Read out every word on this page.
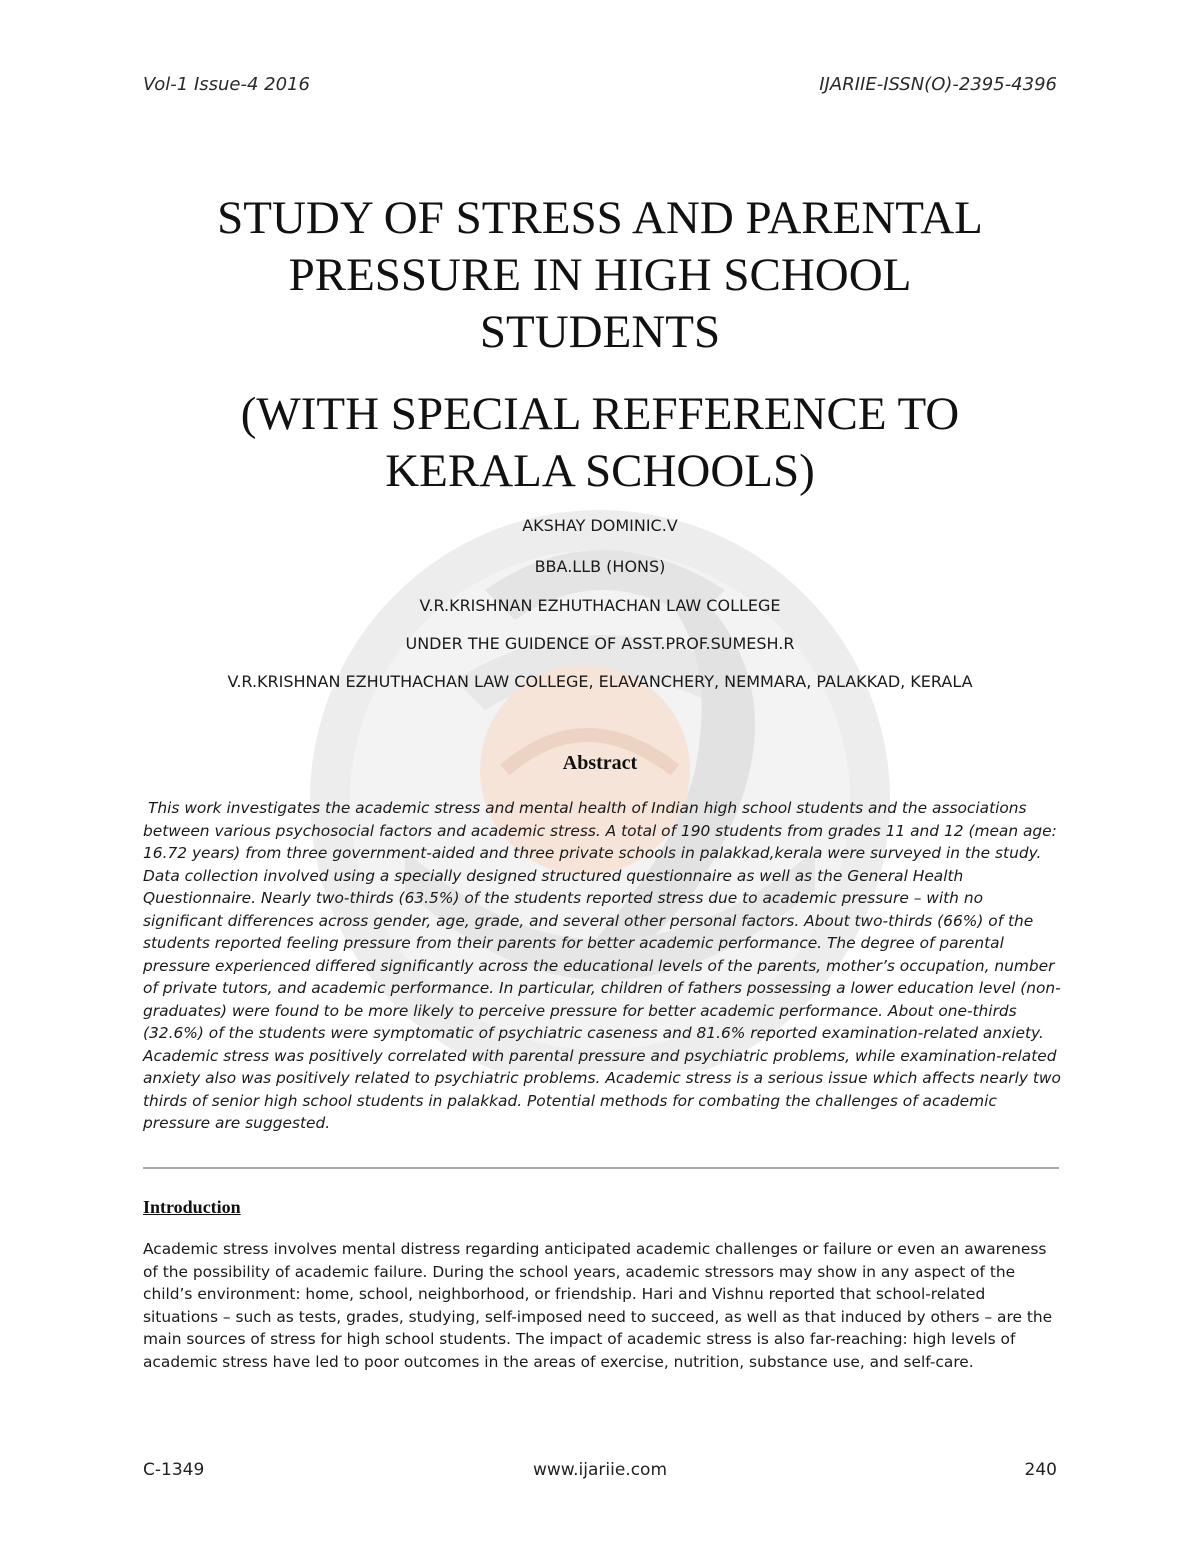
Vol-1 Issue-4 2016	IJARIIE-ISSN(O)-2395-4396
STUDY OF STRESS AND PARENTAL
PRESSURE IN HIGH SCHOOL
STUDENTS
(WITH SPECIAL REFFERENCE TO
KERALA SCHOOLS)
AKSHAY DOMINIC.V
BBA.LLB (HONS)
V.R.KRISHNAN EZHUTHACHAN LAW COLLEGE
UNDER THE GUIDENCE OF ASST.PROF.SUMESH.R
V.R.KRISHNAN EZHUTHACHAN LAW COLLEGE, ELAVANCHERY, NEMMARA, PALAKKAD, KERALA
Abstract
This work investigates the academic stress and mental health of Indian high school students and the associations between various psychosocial factors and academic stress. A total of 190 students from grades 11 and 12 (mean age: 16.72 years) from three government-aided and three private schools in palakkad,kerala were surveyed in the study. Data collection involved using a specially designed structured questionnaire as well as the General Health Questionnaire. Nearly two-thirds (63.5%) of the students reported stress due to academic pressure – with no significant differences across gender, age, grade, and several other personal factors. About two-thirds (66%) of the students reported feeling pressure from their parents for better academic performance. The degree of parental pressure experienced differed significantly across the educational levels of the parents, mother’s occupation, number of private tutors, and academic performance. In particular, children of fathers possessing a lower education level (non-graduates) were found to be more likely to perceive pressure for better academic performance. About one-thirds (32.6%) of the students were symptomatic of psychiatric caseness and 81.6% reported examination-related anxiety. Academic stress was positively correlated with parental pressure and psychiatric problems, while examination-related anxiety also was positively related to psychiatric problems. Academic stress is a serious issue which affects nearly two thirds of senior high school students in palakkad. Potential methods for combating the challenges of academic pressure are suggested.
Introduction
Academic stress involves mental distress regarding anticipated academic challenges or failure or even an awareness of the possibility of academic failure. During the school years, academic stressors may show in any aspect of the child’s environment: home, school, neighborhood, or friendship. Hari and Vishnu reported that school-related situations – such as tests, grades, studying, self-imposed need to succeed, as well as that induced by others – are the main sources of stress for high school students. The impact of academic stress is also far-reaching: high levels of academic stress have led to poor outcomes in the areas of exercise, nutrition, substance use, and self-care.
C-1349	www.ijariie.com	240
